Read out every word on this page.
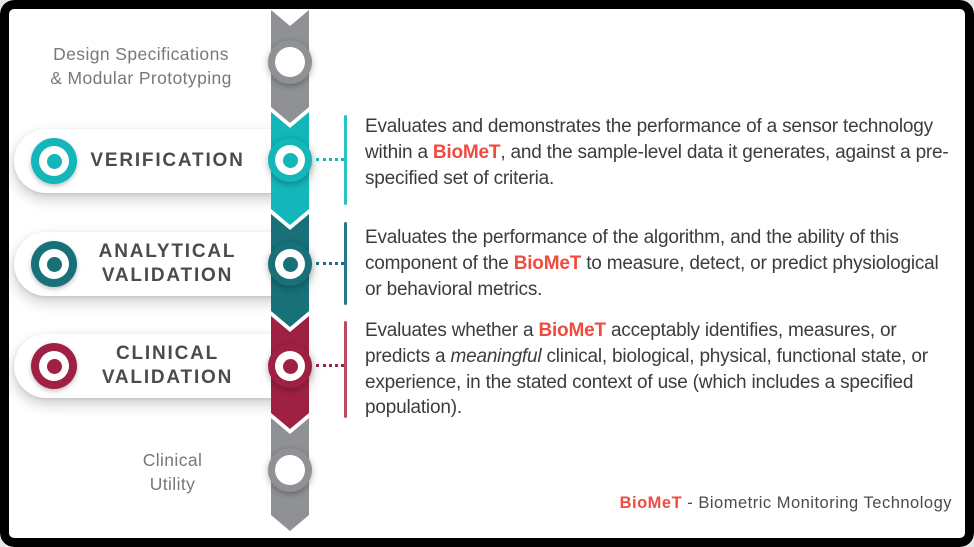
VERIFICATION
ANALYTICAL
VALIDATION
CLINICAL
VALIDATION
Design Specifications
& Modular Prototyping
Clinical
Utility
Evaluates and demonstrates the performance of a sensor technology within a BioMeT, and the sample-level data it generates, against a pre-specified set of criteria.
Evaluates the performance of the algorithm, and the ability of this component of the BioMeT to measure, detect, or predict physiological or behavioral metrics.
Evaluates whether a BioMeT acceptably identifies, measures, or predicts a meaningful clinical, biological, physical, functional state, or experience, in the stated context of use (which includes a specified population).
BioMeT - Biometric Monitoring Technology
